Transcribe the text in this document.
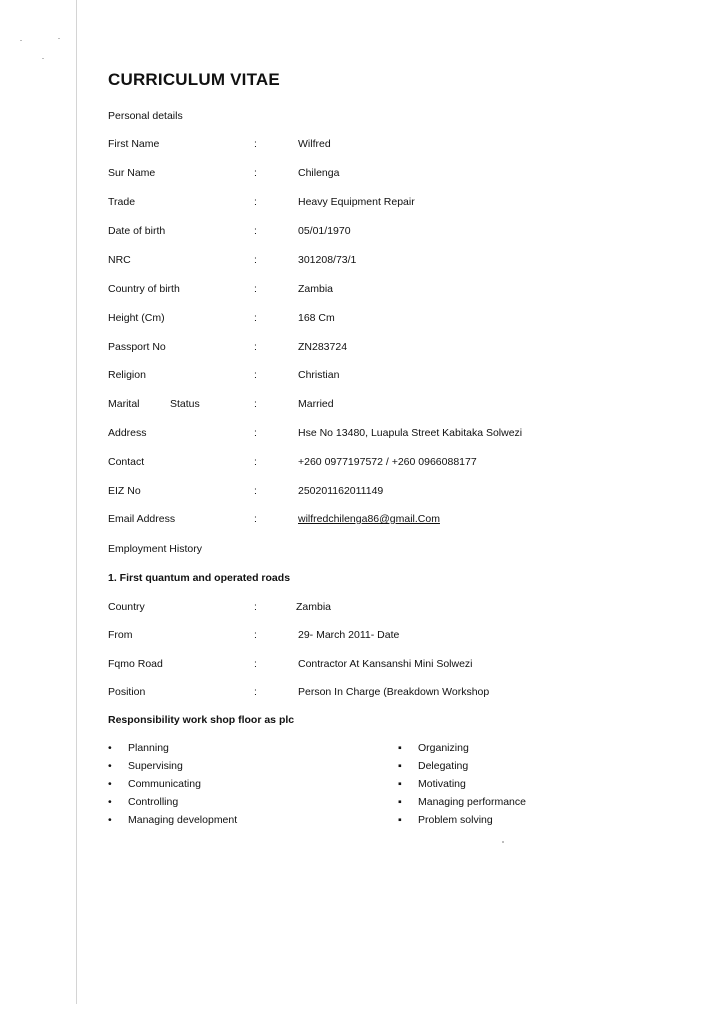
CURRICULUM VITAE
Personal details
First Name	:	Wilfred
Sur Name	:	Chilenga
Trade	:	Heavy Equipment Repair
Date of birth	:	05/01/1970
NRC	:	301208/73/1
Country of birth	:	Zambia
Height (Cm)	:	168 Cm
Passport No	:	ZN283724
Religion	:	Christian
Marital	Status	:	Married
Address	:	Hse No 13480, Luapula Street Kabitaka Solwezi
Contact	:	+260 0977197572 / +260 0966088177
EIZ No	:	250201162011149
Email Address	:	wilfredchilenga86@gmail.Com
Employment History
1. First quantum and operated roads
Country	:	Zambia
From	:	29- March 2011- Date
Fqmo Road	:	Contractor At Kansanshi Mini Solwezi
Position	:	Person In Charge (Breakdown Workshop
Responsibility work shop floor as plc
• Planning
• Supervising
• Communicating
• Controlling
• Managing development
▪ Organizing
▪ Delegating
▪ Motivating
▪ Managing performance
▪ Problem solving
